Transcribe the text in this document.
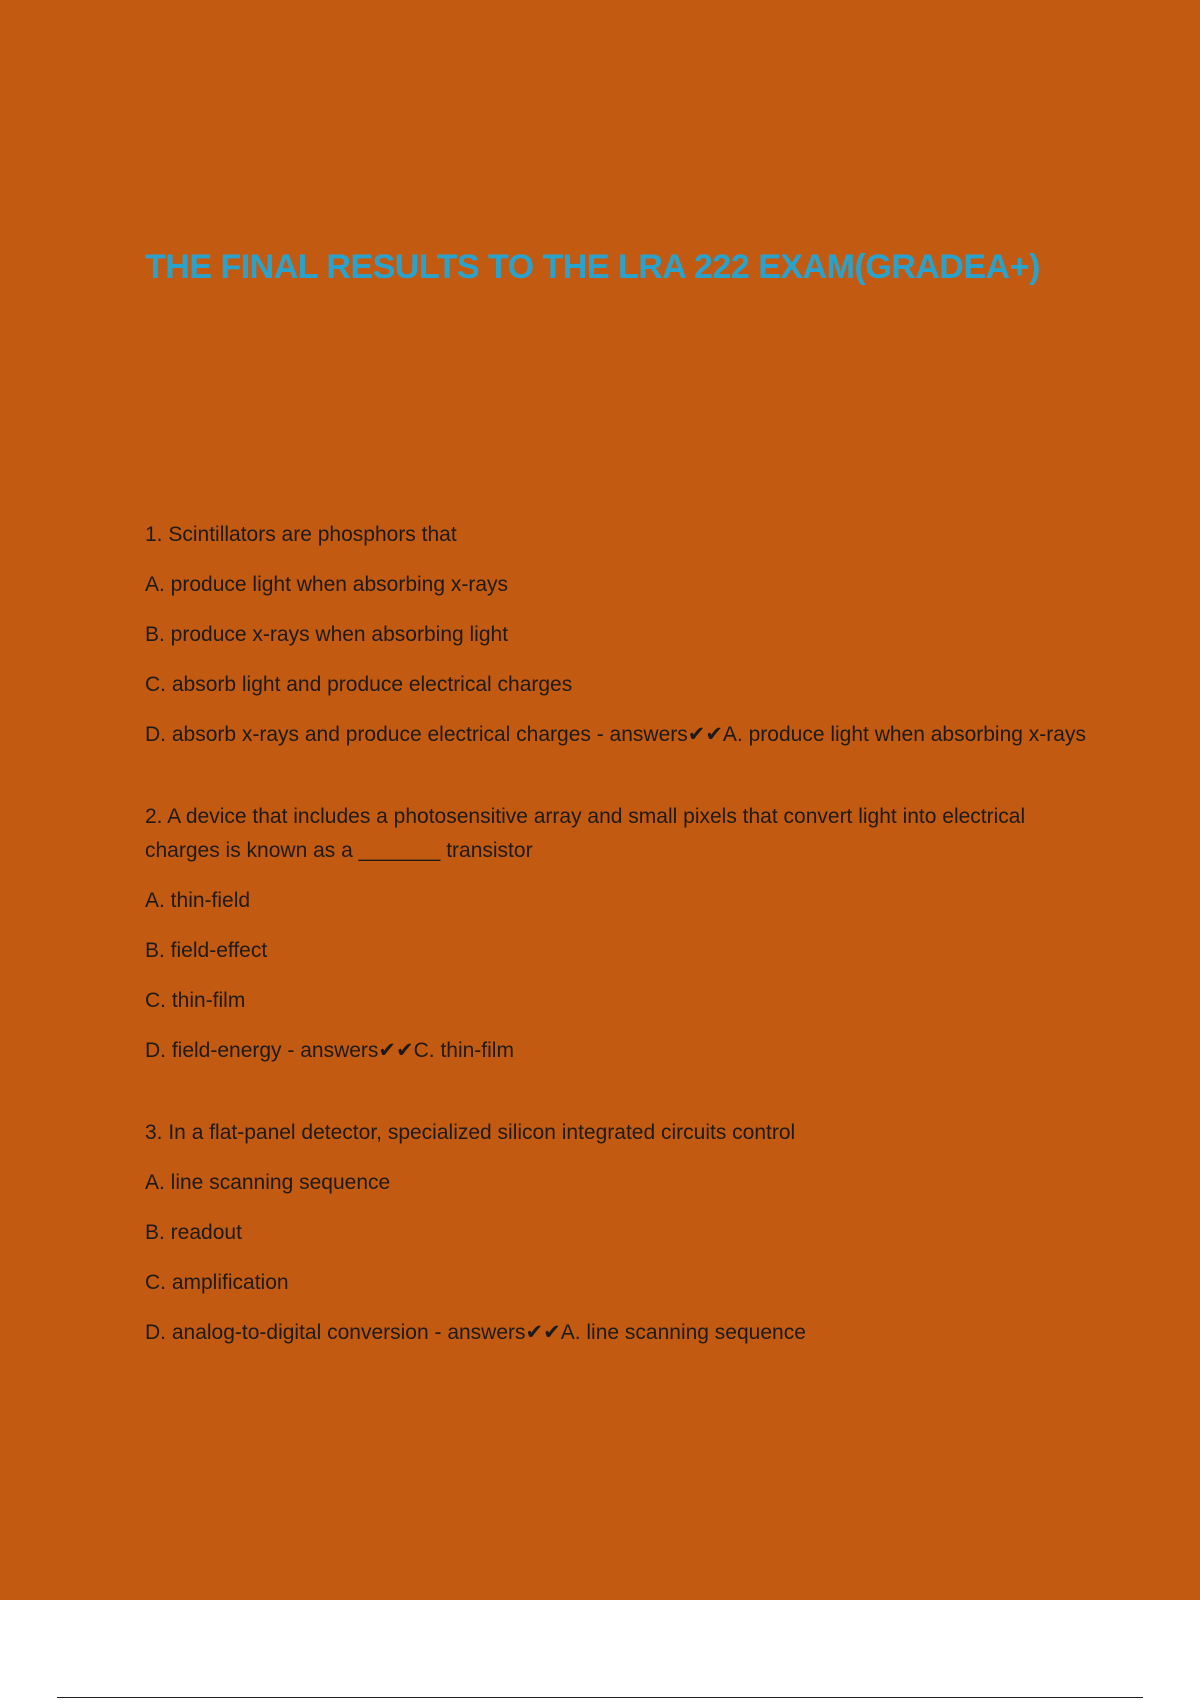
THE FINAL RESULTS TO THE LRA 222 EXAM(GRADEA+)

1. Scintillators are phosphors that

A. produce light when absorbing x-rays

B. produce x-rays when absorbing light

C. absorb light and produce electrical charges

D. absorb x-rays and produce electrical charges - answers✔✔A. produce light when absorbing x-rays

2. A device that includes a photosensitive array and small pixels that convert light into electrical charges is known as a _______ transistor

A. thin-field

B. field-effect

C. thin-film

D. field-energy - answers✔✔C. thin-film

3. In a flat-panel detector, specialized silicon integrated circuits control

A. line scanning sequence

B. readout

C. amplification

D. analog-to-digital conversion - answers✔✔A. line scanning sequence
